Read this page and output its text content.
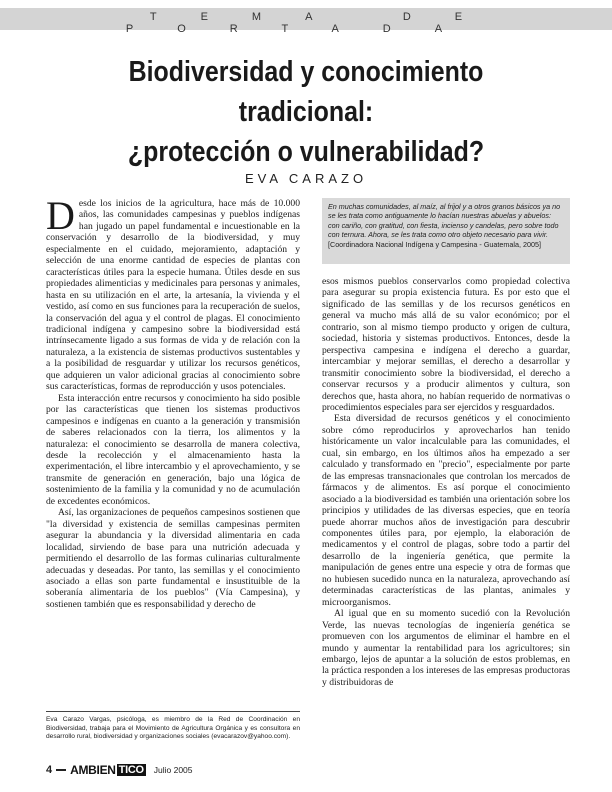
TEMA DE PORTADA
Biodiversidad y conocimiento tradicional:
¿protección o vulnerabilidad?
EVA CARAZO

Desde los inicios de la agricultura, hace más de 10.000 años, las comunidades campesinas y pueblos indígenas han jugado un papel fundamental e incuestionable en la conservación y desarrollo de la biodiversidad, y muy especialmente en el cuidado, mejoramiento, adaptación y selección de una enorme cantidad de especies de plantas con características útiles para la especie humana. Útiles desde en sus propiedades alimenticias y medicinales para personas y animales, hasta en su utilización en el arte, la artesanía, la vivienda y el vestido, así como en sus funciones para la recuperación de suelos, la conservación del agua y el control de plagas. El conocimiento tradicional indígena y campesino sobre la biodiversidad está intrínsecamente ligado a sus formas de vida y de relación con la naturaleza, a la existencia de sistemas productivos sustentables y a la posibilidad de resguardar y utilizar los recursos genéticos, que adquieren un valor adicional gracias al conocimiento sobre sus características, formas de reproducción y usos potenciales.

Esta interacción entre recursos y conocimiento ha sido posible por las características que tienen los sistemas productivos campesinos e indígenas en cuanto a la generación y transmisión de saberes relacionados con la tierra, los alimentos y la naturaleza: el conocimiento se desarrolla de manera colectiva, desde la recolección y el almacenamiento hasta la experimentación, el libre intercambio y el aprovechamiento, y se transmite de generación en generación, bajo una lógica de sostenimiento de la familia y la comunidad y no de acumulación de excedentes económicos.

Así, las organizaciones de pequeños campesinos sostienen que "la diversidad y existencia de semillas campesinas permiten asegurar la abundancia y la diversidad alimentaria en cada localidad, sirviendo de base para una nutrición adecuada y permitiendo el desarrollo de las formas culinarias culturalmente adecuadas y deseadas. Por tanto, las semillas y el conocimiento asociado a ellas son parte fundamental e insustituible de la soberanía alimentaria de los pueblos" (Vía Campesina), y sostienen también que es responsabilidad y derecho de

En muchas comunidades, al maíz, al frijol y a otros granos básicos ya no se les trata como antiguamente lo hacían nuestras abuelas y abuelos: con cariño, con gratitud, con fiesta, incienso y candelas, pero sobre todo con ternura. Ahora, se les trata como otro objeto necesario para vivir.
[Coordinadora Nacional Indígena y Campesina - Guatemala, 2005]

esos mismos pueblos conservarlos como propiedad colectiva para asegurar su propia existencia futura. Es por esto que el significado de las semillas y de los recursos genéticos en general va mucho más allá de su valor económico; por el contrario, son al mismo tiempo producto y origen de cultura, sociedad, historia y sistemas productivos. Entonces, desde la perspectiva campesina e indígena el derecho a guardar, intercambiar y mejorar semillas, el derecho a desarrollar y transmitir conocimiento sobre la biodiversidad, el derecho a conservar recursos y a producir alimentos y cultura, son derechos que, hasta ahora, no habían requerido de normativas o procedimientos especiales para ser ejercidos y resguardados.

Esta diversidad de recursos genéticos y el conocimiento sobre cómo reproducirlos y aprovecharlos han tenido históricamente un valor incalculable para las comunidades, el cual, sin embargo, en los últimos años ha empezado a ser calculado y transformado en "precio", especialmente por parte de las empresas transnacionales que controlan los mercados de fármacos y de alimentos. Es así porque el conocimiento asociado a la biodiversidad es también una orientación sobre los principios y utilidades de las diversas especies, que en teoría puede ahorrar muchos años de investigación para descubrir componentes útiles para, por ejemplo, la elaboración de medicamentos y el control de plagas, sobre todo a partir del desarrollo de la ingeniería genética, que permite la manipulación de genes entre una especie y otra de formas que no hubiesen sucedido nunca en la naturaleza, aprovechando así determinadas características de las plantas, animales y microorganismos.

Al igual que en su momento sucedió con la Revolución Verde, las nuevas tecnologías de ingeniería genética se promueven con los argumentos de eliminar el hambre en el mundo y aumentar la rentabilidad para los agricultores; sin embargo, lejos de apuntar a la solución de estos problemas, en la práctica responden a los intereses de las empresas productoras y distribuidoras de

Eva Carazo Vargas, psicóloga, es miembro de la Red de Coordinación en Biodiversidad, trabaja para el Movimiento de Agricultura Orgánica y es consultora en desarrollo rural, biodiversidad y organizaciones sociales (evacarazov@yahoo.com).
4 AMBIEN TICO Julio 2005
